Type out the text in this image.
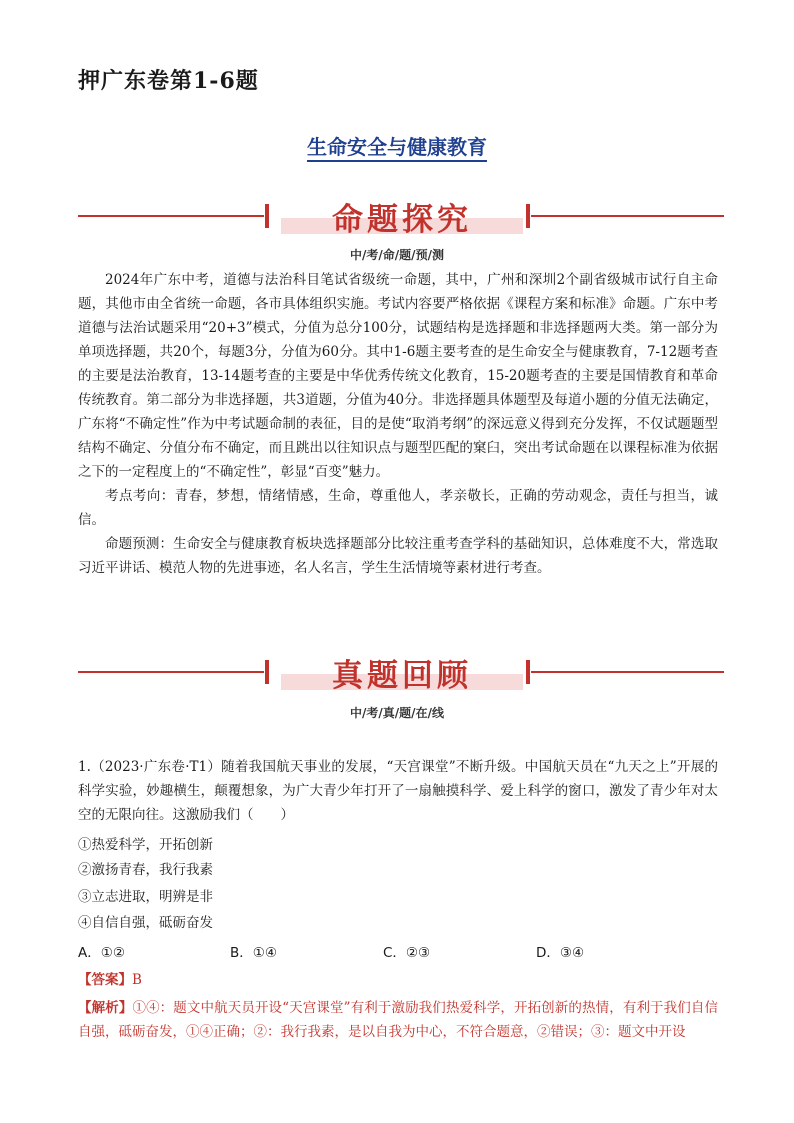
押广东卷第1-6题
生命安全与健康教育
命题探究
中/考/命/题/预/测

2024年广东中考，道德与法治科目笔试省级统一命题，其中，广州和深圳2个副省级城市试行自主命题，其他市由全省统一命题，各市具体组织实施。考试内容要严格依据《课程方案和标准》命题。广东中考道德与法治试题采用“20+3”模式，分值为总分100分，试题结构是选择题和非选择题两大类。第一部分为单项选择题，共20个，每题3分，分值为60分。其中1-6题主要考查的是生命安全与健康教育，7-12题考查的主要是法治教育，13-14题考查的主要是中华优秀传统文化教育，15-20题考查的主要是国情教育和革命传统教育。第二部分为非选择题，共3道题，分值为40分。非选择题具体题型及每道小题的分值无法确定，广东将“不确定性”作为中考试题命制的表征，目的是使“取消考纲”的深远意义得到充分发挥，不仅试题题型结构不确定、分值分布不确定，而且跳出以往知识点与题型匹配的窠臼，突出考试命题在以课程标准为依据之下的一定程度上的“不确定性”，彰显“百变”魅力。

考点考向：青春，梦想，情绪情感，生命，尊重他人，孝亲敬长，正确的劳动观念，责任与担当，诚信。

命题预测：生命安全与健康教育板块选择题部分比较注重考查学科的基础知识，总体难度不大，常选取习近平讲话、模范人物的先进事迹，名人名言，学生生活情境等素材进行考查。

真题回顾
中/考/真/题/在/线

1.（2023·广东卷·T1）随着我国航天事业的发展，“天宫课堂”不断升级。中国航天员在“九天之上”开展的科学实验，妙趣横生，颠覆想象，为广大青少年打开了一扇触摸科学、爱上科学的窗口，激发了青少年对太空的无限向往。这激励我们（　　）

①热爱科学，开拓创新
②激扬青春，我行我素
③立志进取，明辨是非
④自信自强，砥砺奋发
A．①②	B．①④	C．②③	D．③④
【答案】B
【解析】①④：题文中航天员开设“天宫课堂”有利于激励我们热爱科学，开拓创新的热情，有利于我们自信自强，砥砺奋发，①④正确；②：我行我素，是以自我为中心，不符合题意，②错误；③：题文中开设
